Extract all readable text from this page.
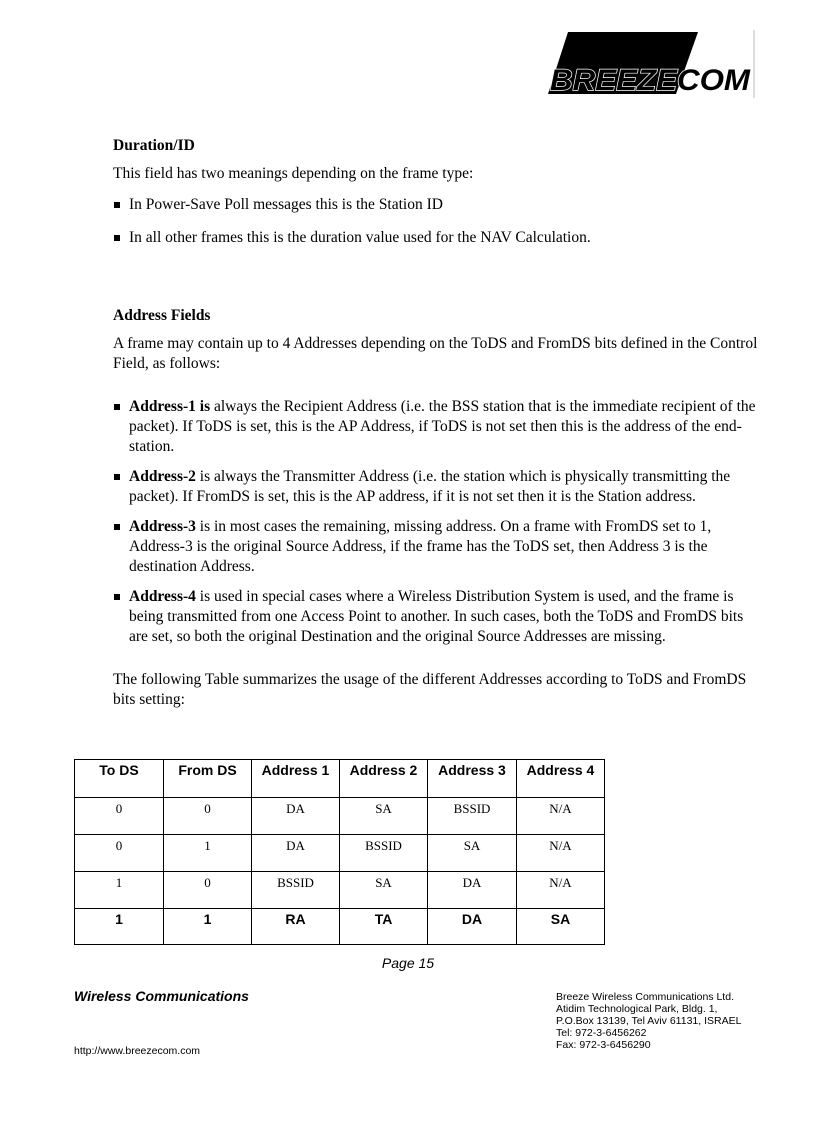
BREEZECOM

Duration/ID

This field has two meanings depending on the frame type:

In Power-Save Poll messages this is the Station ID
In all other frames this is the duration value used for the NAV Calculation.

Address Fields

A frame may contain up to 4 Addresses depending on the ToDS and FromDS bits defined in the Control Field, as follows:

Address-1 is always the Recipient Address (i.e. the BSS station that is the immediate recipient of the packet). If ToDS is set, this is the AP Address, if ToDS is not set then this is the address of the end-station.
Address-2 is always the Transmitter Address (i.e. the station which is physically transmitting the packet). If FromDS is set, this is the AP address, if it is not set then it is the Station address.
Address-3 is in most cases the remaining, missing address. On a frame with FromDS set to 1, Address-3 is the original Source Address, if the frame has the ToDS set, then Address 3 is the destination Address.
Address-4 is used in special cases where a Wireless Distribution System is used, and the frame is being transmitted from one Access Point to another. In such cases, both the ToDS and FromDS bits are set, so both the original Destination and the original Source Addresses are missing.

The following Table summarizes the usage of the different Addresses according to ToDS and FromDS bits setting:

To DS	From DS	Address 1	Address 2	Address 3	Address 4
0	0	DA	SA	BSSID	N/A
0	1	DA	BSSID	SA	N/A
1	0	BSSID	SA	DA	N/A
1	1	RA	TA	DA	SA
Page 15
Wireless Communications
http://www.breezecom.com
Breeze Wireless Communications Ltd.
Atidim Technological Park, Bldg. 1,
P.O.Box 13139, Tel Aviv 61131, ISRAEL
Tel: 972-3-6456262
Fax: 972-3-6456290
